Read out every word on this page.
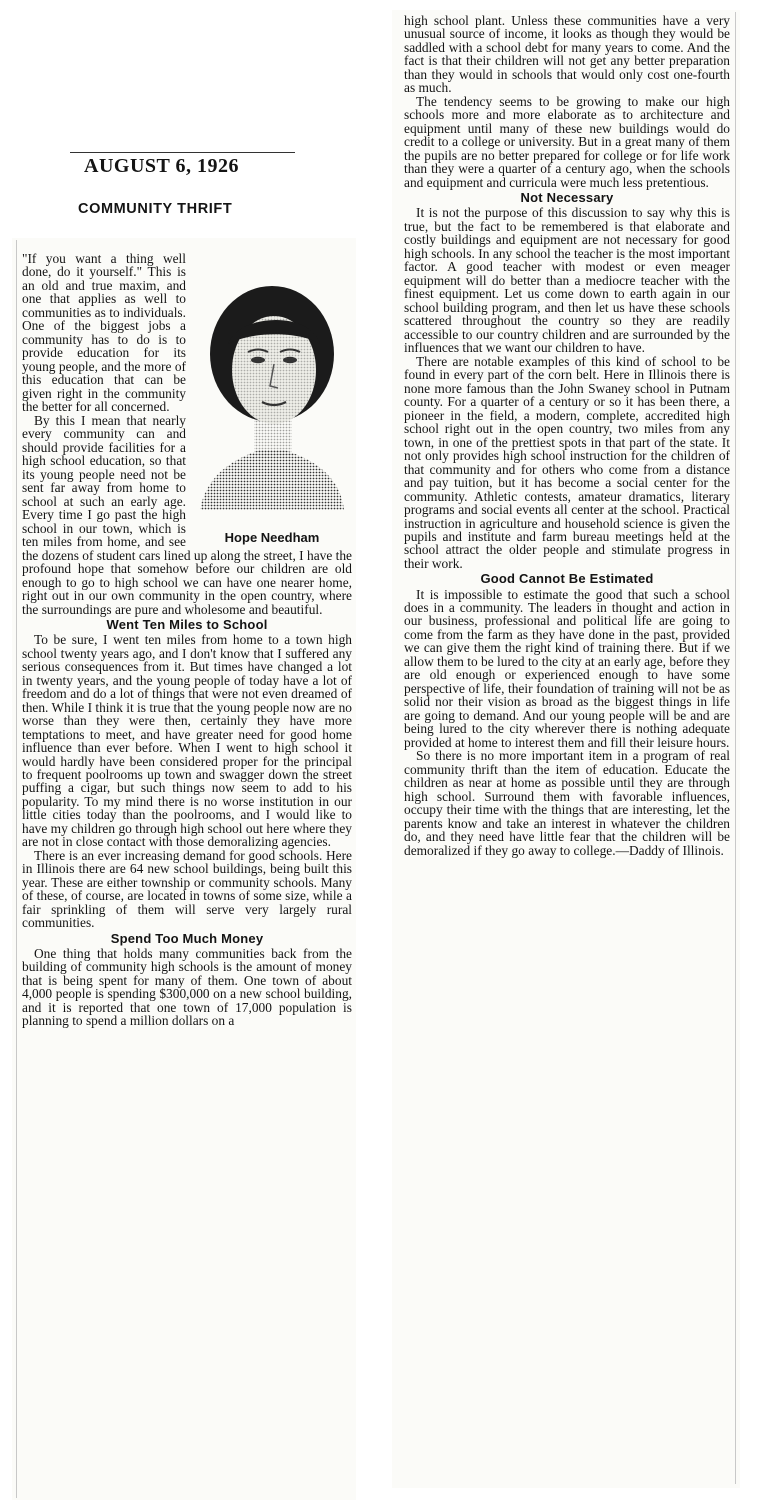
AUGUST 6, 1926
COMMUNITY THRIFT
Hope Needham

"If you want a thing well done, do it yourself." This is an old and true maxim, and one that applies as well to communities as to individuals. One of the biggest jobs a community has to do is to provide education for its young people, and the more of this education that can be given right in the community the better for all concerned.

By this I mean that nearly every community can and should provide facilities for a high school education, so that its young people need not be sent far away from home to school at such an early age. Every time I go past the high school in our town, which is ten miles from home, and see the dozens of student cars lined up along the street, I have the profound hope that somehow before our children are old enough to go to high school we can have one nearer home, right out in our own community in the open country, where the surroundings are pure and wholesome and beautiful.

Went Ten Miles to School

To be sure, I went ten miles from home to a town high school twenty years ago, and I don't know that I suffered any serious consequences from it. But times have changed a lot in twenty years, and the young people of today have a lot of freedom and do a lot of things that were not even dreamed of then. While I think it is true that the young people now are no worse than they were then, certainly they have more temptations to meet, and have greater need for good home influence than ever before. When I went to high school it would hardly have been considered proper for the principal to frequent poolrooms up town and swagger down the street puffing a cigar, but such things now seem to add to his popularity. To my mind there is no worse institution in our little cities today than the poolrooms, and I would like to have my children go through high school out here where they are not in close contact with those demoralizing agencies.

There is an ever increasing demand for good schools. Here in Illinois there are 64 new school buildings, being built this year. These are either township or community schools. Many of these, of course, are located in towns of some size, while a fair sprinkling of them will serve very largely rural communities.

Spend Too Much Money

One thing that holds many communities back from the building of community high schools is the amount of money that is being spent for many of them. One town of about 4,000 people is spending $300,000 on a new school building, and it is reported that one town of 17,000 population is planning to spend a million dollars on a

high school plant. Unless these communities have a very unusual source of income, it looks as though they would be saddled with a school debt for many years to come. And the fact is that their children will not get any better preparation than they would in schools that would only cost one-fourth as much.

The tendency seems to be growing to make our high schools more and more elaborate as to architecture and equipment until many of these new buildings would do credit to a college or university. But in a great many of them the pupils are no better prepared for college or for life work than they were a quarter of a century ago, when the schools and equipment and curricula were much less pretentious.

Not Necessary

It is not the purpose of this discussion to say why this is true, but the fact to be remembered is that elaborate and costly buildings and equipment are not necessary for good high schools. In any school the teacher is the most important factor. A good teacher with modest or even meager equipment will do better than a mediocre teacher with the finest equipment. Let us come down to earth again in our school building program, and then let us have these schools scattered throughout the country so they are readily accessible to our country children and are surrounded by the influences that we want our children to have.

There are notable examples of this kind of school to be found in every part of the corn belt. Here in Illinois there is none more famous than the John Swaney school in Putnam county. For a quarter of a century or so it has been there, a pioneer in the field, a modern, complete, accredited high school right out in the open country, two miles from any town, in one of the prettiest spots in that part of the state. It not only provides high school instruction for the children of that community and for others who come from a distance and pay tuition, but it has become a social center for the community. Athletic contests, amateur dramatics, literary programs and social events all center at the school. Practical instruction in agriculture and household science is given the pupils and institute and farm bureau meetings held at the school attract the older people and stimulate progress in their work.

Good Cannot Be Estimated

It is impossible to estimate the good that such a school does in a community. The leaders in thought and action in our business, professional and political life are going to come from the farm as they have done in the past, provided we can give them the right kind of training there. But if we allow them to be lured to the city at an early age, before they are old enough or experienced enough to have some perspective of life, their foundation of training will not be as solid nor their vision as broad as the biggest things in life are going to demand. And our young people will be and are being lured to the city wherever there is nothing adequate provided at home to interest them and fill their leisure hours.

So there is no more important item in a program of real community thrift than the item of education. Educate the children as near at home as possible until they are through high school. Surround them with favorable influences, occupy their time with the things that are interesting, let the parents know and take an interest in whatever the children do, and they need have little fear that the children will be demoralized if they go away to college.—Daddy of Illinois.
